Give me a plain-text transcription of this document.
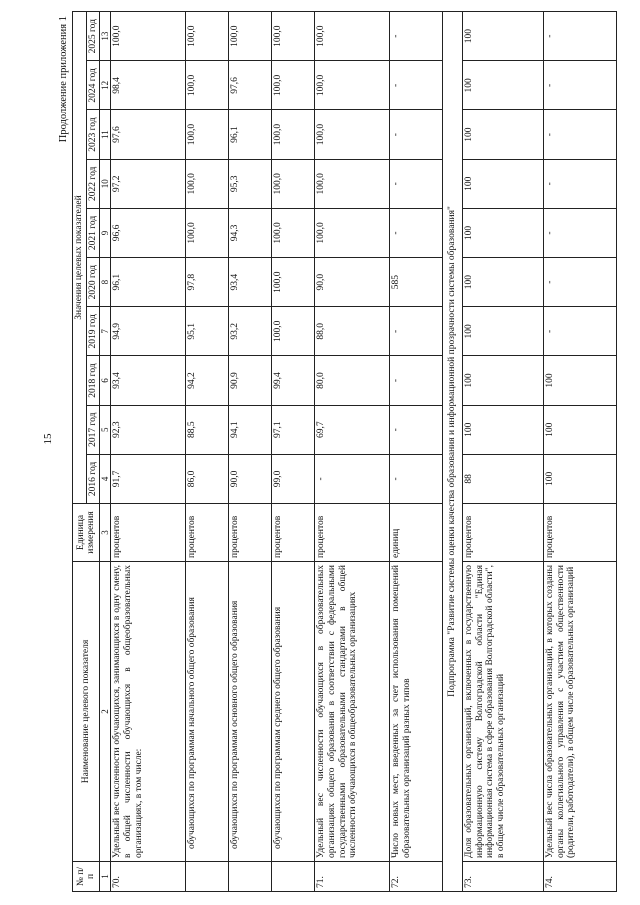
15
Продолжение приложения 1
№ п/п	Наименование целевого показателя	Единица измерения	Значения целевых показателей									
			2016 год	2017 год	2018 год	2019 год	2020 год	2021 год	2022 год	2023 год	2024 год	2025 год
1	2	3	4	5	6	7	8	9	10	11	12	13
70.	Удельный вес численности обучающихся, занимающихся в одну смену, в общей численности обучающихся в общеобразовательных организациях, в том числе:	процентов	91,7	92,3	93,4	94,9	96,1	96,6	97,2	97,6	98,4	100,0
	обучающихся по программам начального общего образования	процентов	86,0	88,5	94,2	95,1	97,8	100,0	100,0	100,0	100,0	100,0
	обучающихся по программам основного общего образования	процентов	90,0	94,1	90,9	93,2	93,4	94,3	95,3	96,1	97,6	100,0
	обучающихся по программам среднего общего образования	процентов	99,0	97,1	99,4	100,0	100,0	100,0	100,0	100,0	100,0	100,0
71.	Удельный вес численности обучающихся в образовательных организациях общего образования в соответствии с федеральными государственными образовательными стандартами в общей численности обучающихся в общеобразовательных организациях	процентов	-	69,7	80,0	88,0	90,0	100,0	100,0	100,0	100,0	100,0
72.	Число новых мест, введенных за счет использования помещений образовательных организаций разных типов	единиц	-	-	-	-	585	-	-	-	-	-
Подпрограмма "Развитие системы оценки качества образования и информационной прозрачности системы образования"												
73.	Доля образовательных организаций, включенных в государственную информационную систему Волгоградской области "Единая информационная система в сфере образования Волгоградской области", в общем числе образовательных организаций	процентов	88	100	100	100	100	100	100	100	100	100
74.	Удельный вес числа образовательных организаций, в которых созданы органы коллегиального управления с участием общественности (родители, работодатели), в общем числе образовательных организаций	процентов	100	100	100	-	-	-	-	-	-	-
